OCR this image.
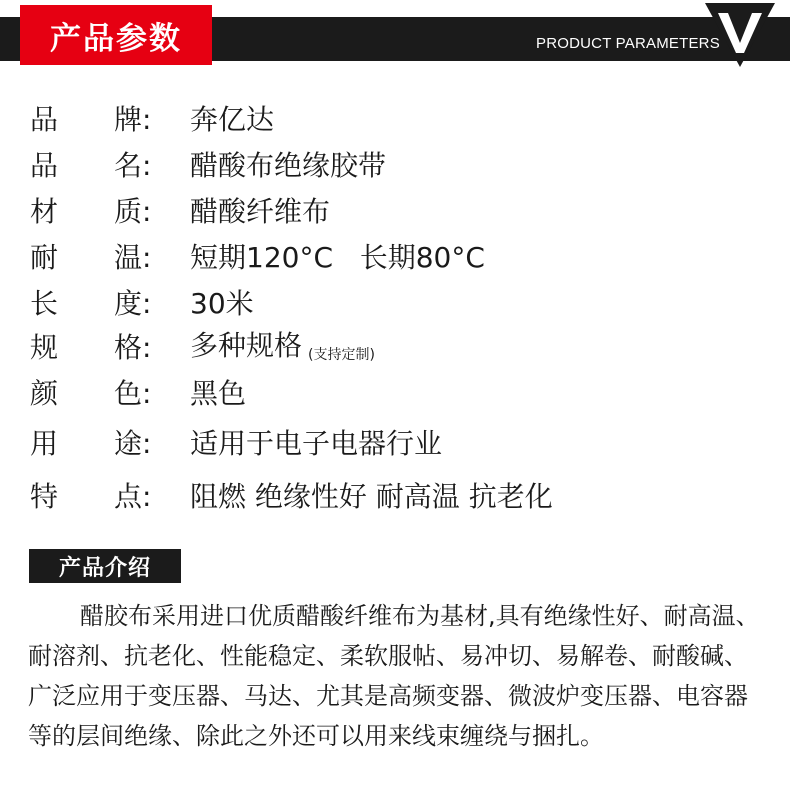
产品参数	PRODUCT PARAMETERS
品	牌:	奔亿达
品	名:	醋酸布绝缘胶带
材	质:	醋酸纤维布
耐	温:	短期120°C   长期80°C
长	度:	30米
规	格:	多种规格 (支持定制)
颜	色:	黑色
用	途:	适用于电子电器行业
特	点:	阻燃 绝缘性好 耐高温 抗老化
产品介绍
醋胶布采用进口优质醋酸纤维布为基材,具有绝缘性好、耐高温、耐溶剂、抗老化、性能稳定、柔软服帖、易冲切、易解卷、耐酸碱、广泛应用于变压器、马达、尤其是高频变器、微波炉变压器、电容器等的层间绝缘、除此之外还可以用来线束缠绕与捆扎。
